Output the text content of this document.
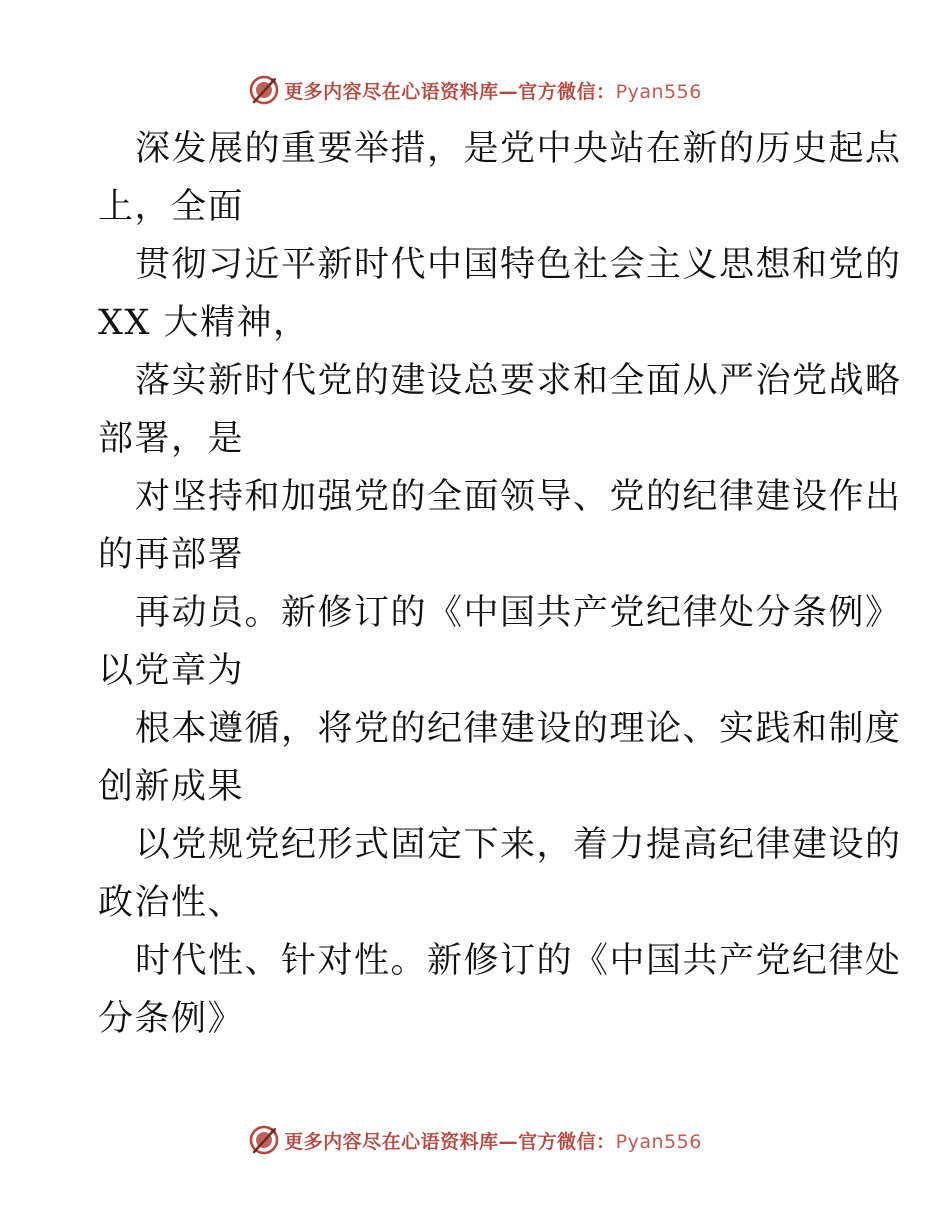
更多内容尽在心语资料库—官方微信：Pyan556
深发展的重要举措，是党中央站在新的历史起点
上，全面
贯彻习近平新时代中国特色社会主义思想和党的
XX 大精神，
落实新时代党的建设总要求和全面从严治党战略
部署，是
对坚持和加强党的全面领导、党的纪律建设作出
的再部署
再动员。新修订的《中国共产党纪律处分条例》
以党章为
根本遵循，将党的纪律建设的理论、实践和制度
创新成果
以党规党纪形式固定下来，着力提高纪律建设的
政治性、
时代性、针对性。新修订的《中国共产党纪律处
分条例》
更多内容尽在心语资料库—官方微信：Pyan556
